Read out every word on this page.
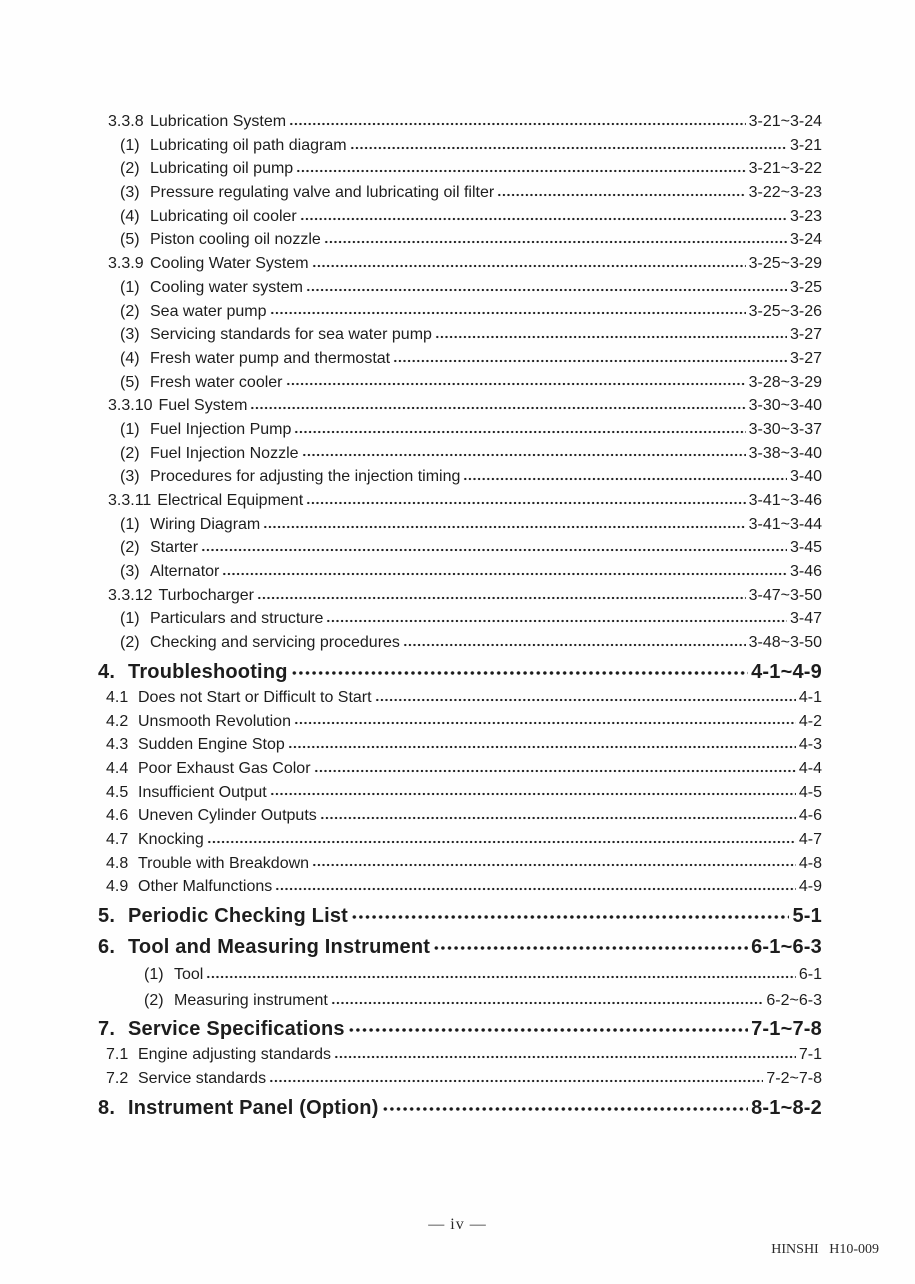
3.3.8 Lubrication System	3-21~3-24
(1) Lubricating oil path diagram	3-21
(2) Lubricating oil pump	3-21~3-22
(3) Pressure regulating valve and lubricating oil filter	3-22~3-23
(4) Lubricating oil cooler	3-23
(5) Piston cooling oil nozzle	3-24
3.3.9 Cooling Water System	3-25~3-29
(1) Cooling water system	3-25
(2) Sea water pump	3-25~3-26
(3) Servicing standards for sea water pump	3-27
(4) Fresh water pump and thermostat	3-27
(5) Fresh water cooler	3-28~3-29
3.3.10 Fuel System	3-30~3-40
(1) Fuel Injection Pump	3-30~3-37
(2) Fuel Injection Nozzle	3-38~3-40
(3) Procedures for adjusting the injection timing	3-40
3.3.11 Electrical Equipment	3-41~3-46
(1) Wiring Diagram	3-41~3-44
(2) Starter	3-45
(3) Alternator	3-46
3.3.12 Turbocharger	3-47~3-50
(1) Particulars and structure	3-47
(2) Checking and servicing procedures	3-48~3-50
4. Troubleshooting	4-1~4-9
4.1 Does not Start or Difficult to Start	4-1
4.2 Unsmooth Revolution	4-2
4.3 Sudden Engine Stop	4-3
4.4 Poor Exhaust Gas Color	4-4
4.5 Insufficient Output	4-5
4.6 Uneven Cylinder Outputs	4-6
4.7 Knocking	4-7
4.8 Trouble with Breakdown	4-8
4.9 Other Malfunctions	4-9
5. Periodic Checking List	5-1
6. Tool and Measuring Instrument	6-1~6-3
(1) Tool	6-1
(2) Measuring instrument	6-2~6-3
7. Service Specifications	7-1~7-8
7.1 Engine adjusting standards	7-1
7.2 Service standards	7-2~7-8
8. Instrument Panel (Option)	8-1~8-2
— iv —
HINSHI H10-009
